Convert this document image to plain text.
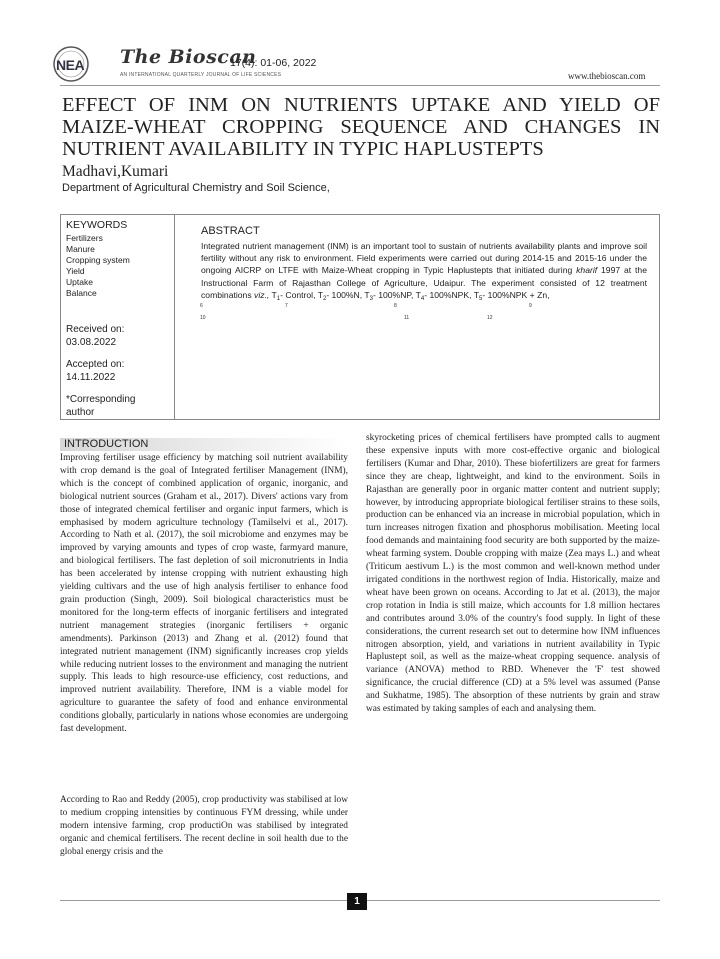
NEA The Bioscan
17(4): 01-06, 2022
AN INTERNATIONAL QUARTERLY JOURNAL OF LIFE SCIENCES	www.thebioscan.com
EFFECT OF INM ON NUTRIENTS UPTAKE AND YIELD OF MAIZE-WHEAT CROPPING SEQUENCE AND CHANGES IN NUTRIENT AVAILABILITY IN TYPIC HAPLUSTEPTS
Madhavi,Kumari
Department of Agricultural Chemistry and Soil Science,
KEYWORDS
Fertilizers
Manure
Cropping system
Yield
Uptake
Balance
Received on:
03.08.2022
Accepted on:
14.11.2022
*Corresponding author
ABSTRACT
Integrated nutrient management (INM) is an important tool to sustain of nutrients availability plants and improve soil fertility without any risk to environment. Field experiments were carried out during 2014-15 and 2015-16 under the ongoing AICRP on LTFE with Maize-Wheat cropping in Typic Haplustepts that initiated during kharif 1997 at the Instructional Farm of Rajasthan College of Agriculture, Udaipur. The experiment consisted of 12 treatment combinations viz., $T_1-$ Control, $T_2-$ 100%N, $T_3-$ 100%NP, $T_4-$ 100%NPK, $T_5-$ 100%NPK + Zn,
6	7	8	9
10	11	12
INTRODUCTION
Improving fertiliser usage efficiency by matching soil nutrient availability with crop demand is the goal of Integrated fertiliser Management (INM), which is the concept of combined application of organic, inorganic, and biological nutrient sources (Graham et al., 2017). Divers' actions vary from those of integrated chemical fertiliser and organic input farmers, which is emphasised by modern agriculture technology (Tamilselvi et al., 2017). According to Nath et al. (2017), the soil microbiome and enzymes may be improved by varying amounts and types of crop waste, farmyard manure, and biological fertilisers. The fast depletion of soil micronutrients in India has been accelerated by intense cropping with nutrient exhausting high yielding cultivars and the use of high analysis fertiliser to enhance food grain production (Singh, 2009). Soil biological characteristics must be monitored for the long-term effects of inorganic fertilisers and integrated nutrient management strategies (inorganic fertilisers + organic amendments). Parkinson (2013) and Zhang et al. (2012) found that integrated nutrient management (INM) significantly increases crop yields while reducing nutrient losses to the environment and managing the nutrient supply. This leads to high resource-use efficiency, cost reductions, and improved nutrient availability. Therefore, INM is a viable model for agriculture to guarantee the safety of food and enhance environmental conditions globally, particularly in nations whose economies are undergoing fast development.
According to Rao and Reddy (2005), crop productivity was stabilised at low to medium cropping intensities by continuous FYM dressing, while under modern intensive farming, crop productiOn was stabilised by integrated organic and chemical fertilisers. The recent decline in soil health due to the global energy crisis and the
skyrocketing prices of chemical fertilisers have prompted calls to augment these expensive inputs with more cost-effective organic and biological fertilisers (Kumar and Dhar, 2010). These biofertilizers are great for farmers since they are cheap, lightweight, and kind to the environment. Soils in Rajasthan are generally poor in organic matter content and nutrient supply; however, by introducing appropriate biological fertiliser strains to these soils, production can be enhanced via an increase in microbial population, which in turn increases nitrogen fixation and phosphorus mobilisation. Meeting local food demands and maintaining food security are both supported by the maize-wheat farming system. Double cropping with maize (Zea mays L.) and wheat (Triticum aestivum L.) is the most common and well-known method under irrigated conditions in the northwest region of India. Historically, maize and wheat have been grown on oceans. According to Jat et al. (2013), the major crop rotation in India is still maize, which accounts for 1.8 million hectares and contributes around 3.0% of the country's food supply. In light of these considerations, the current research set out to determine how INM influences nitrogen absorption, yield, and variations in nutrient availability in Typic Haplustept soil, as well as the maize-wheat cropping sequence. analysis of variance (ANOVA) method to RBD. Whenever the 'F' test showed significance, the crucial difference (CD) at a 5% level was assumed (Panse and Sukhatme, 1985). The absorption of these nutrients by grain and straw was estimated by taking samples of each and analysing them.
1
